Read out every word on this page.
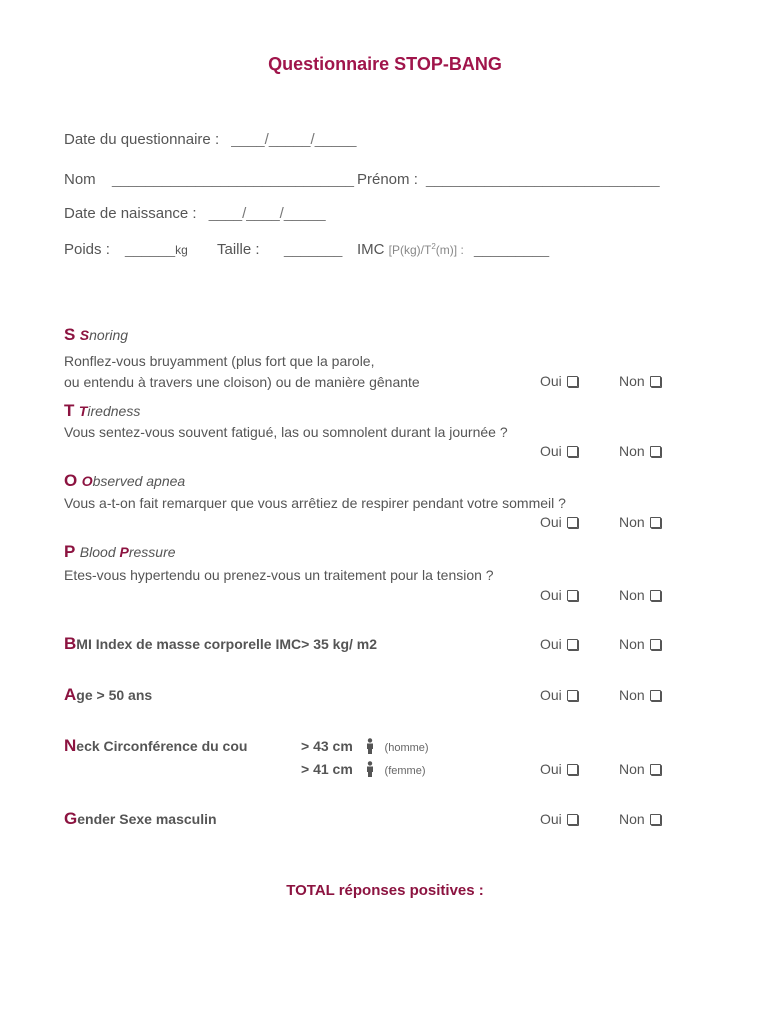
Questionnaire STOP-BANG
Date du questionnaire : ____/_____/_____
Nom _____________________________ Prénom : ____________________________
Date de naissance : ____/____/_____
Poids : ______kg Taille : _______ IMC $[P(kg)/T^2(m)]$ : _________
S Snoring
Ronflez-vous bruyamment (plus fort que la parole,
ou entendu à travers une cloison) ou de manière gênante	Oui	Non
T Tiredness
Vous sentez-vous souvent fatigué, las ou somnolent durant la journée ?
Oui	Non
O Observed apnea
Vous a-t-on fait remarquer que vous arrêtiez de respirer pendant votre sommeil ?
Oui	Non
P Blood Pressure
Etes-vous hypertendu ou prenez-vous un traitement pour la tension ?
Oui	Non
BMI Index de masse corporelle IMC> 35 kg/ m2	Oui	Non
Age > 50 ans	Oui	Non
Neck Circonférence du cou	> 43 cm	(homme)
> 41 cm	(femme)	Oui	Non
Gender Sexe masculin	Oui	Non
TOTAL réponses positives :
